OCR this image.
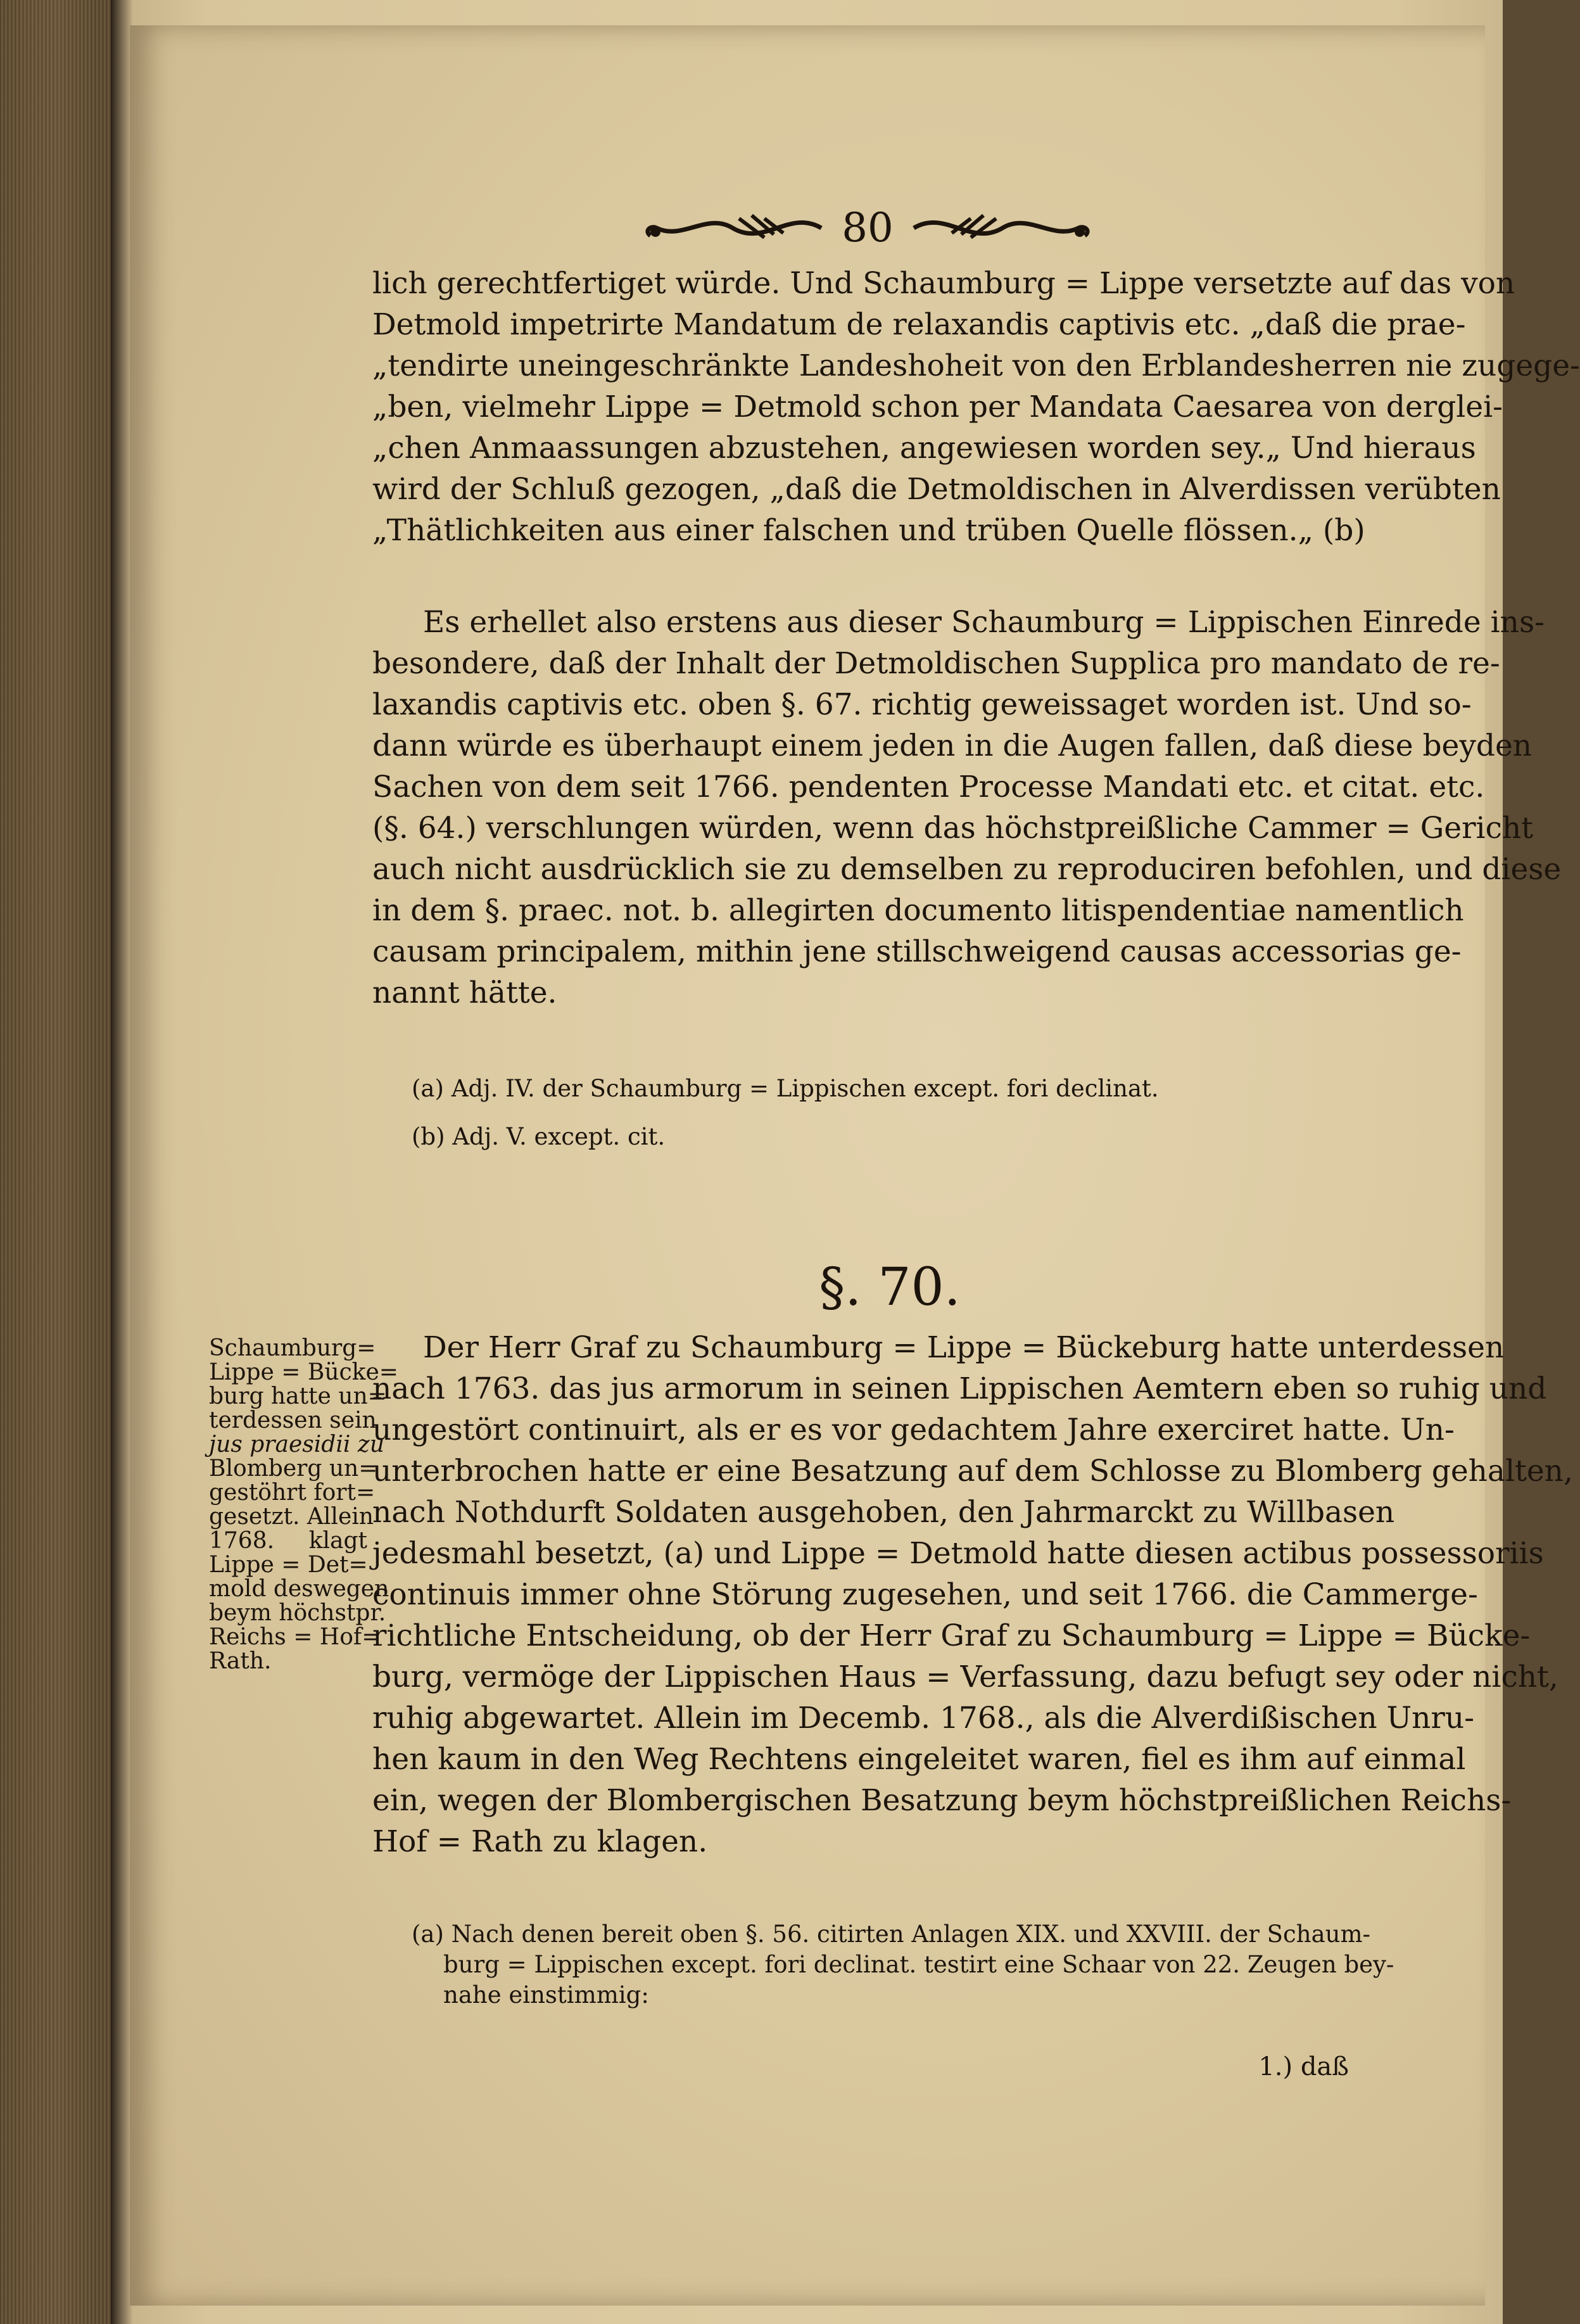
80
lich gerechtfertiget würde. Und Schaumburg = Lippe versetzte auf das von
Detmold impetrirte Mandatum de relaxandis captivis etc. „daß die prae-
„tendirte uneingeschränkte Landeshoheit von den Erblandesherren nie zugege-
„ben, vielmehr Lippe = Detmold schon per Mandata Caesarea von derglei-
„chen Anmaassungen abzustehen, angewiesen worden sey.„ Und hieraus
wird der Schluß gezogen, „daß die Detmoldischen in Alverdissen verübten
„Thätlichkeiten aus einer falschen und trüben Quelle flössen.„ (b)
Es erhellet also erstens aus dieser Schaumburg = Lippischen Einrede ins-
besondere, daß der Inhalt der Detmoldischen Supplica pro mandato de re-
laxandis captivis etc. oben §. 67. richtig geweissaget worden ist. Und so-
dann würde es überhaupt einem jeden in die Augen fallen, daß diese beyden
Sachen von dem seit 1766. pendenten Processe Mandati etc. et citat. etc.
(§. 64.) verschlungen würden, wenn das höchstpreißliche Cammer = Gericht
auch nicht ausdrücklich sie zu demselben zu reproduciren befohlen, und diese
in dem §. praec. not. b. allegirten documento litispendentiae namentlich
causam principalem, mithin jene stillschweigend causas accessorias ge-
nannt hätte.
(a) Adj. IV. der Schaumburg = Lippischen except. fori declinat.
(b) Adj. V. except. cit.
§. 70.
Schaumburg=
Lippe = Bücke=
burg hatte un=
terdessen sein
jus praesidii zu
Blomberg un=
gestöhrt fort=
gesetzt. Allein
1768. klagt
Lippe = Det=
mold deswegen
beym höchstpr.
Reichs = Hof=
Rath.
Der Herr Graf zu Schaumburg = Lippe = Bückeburg hatte unterdessen
nach 1763. das jus armorum in seinen Lippischen Aemtern eben so ruhig und
ungestört continuirt, als er es vor gedachtem Jahre exerciret hatte. Un-
unterbrochen hatte er eine Besatzung auf dem Schlosse zu Blomberg gehalten,
nach Nothdurft Soldaten ausgehoben, den Jahrmarckt zu Willbasen
jedesmahl besetzt, (a) und Lippe = Detmold hatte diesen actibus possessoriis
continuis immer ohne Störung zugesehen, und seit 1766. die Cammerge-
richtliche Entscheidung, ob der Herr Graf zu Schaumburg = Lippe = Bücke-
burg, vermöge der Lippischen Haus = Verfassung, dazu befugt sey oder nicht,
ruhig abgewartet. Allein im Decemb. 1768., als die Alverdißischen Unru-
hen kaum in den Weg Rechtens eingeleitet waren, fiel es ihm auf einmal
ein, wegen der Blombergischen Besatzung beym höchstpreißlichen Reichs-
Hof = Rath zu klagen.
(a) Nach denen bereit oben §. 56. citirten Anlagen XIX. und XXVIII. der Schaum-
burg = Lippischen except. fori declinat. testirt eine Schaar von 22. Zeugen bey-
nahe einstimmig:
1.) daß
